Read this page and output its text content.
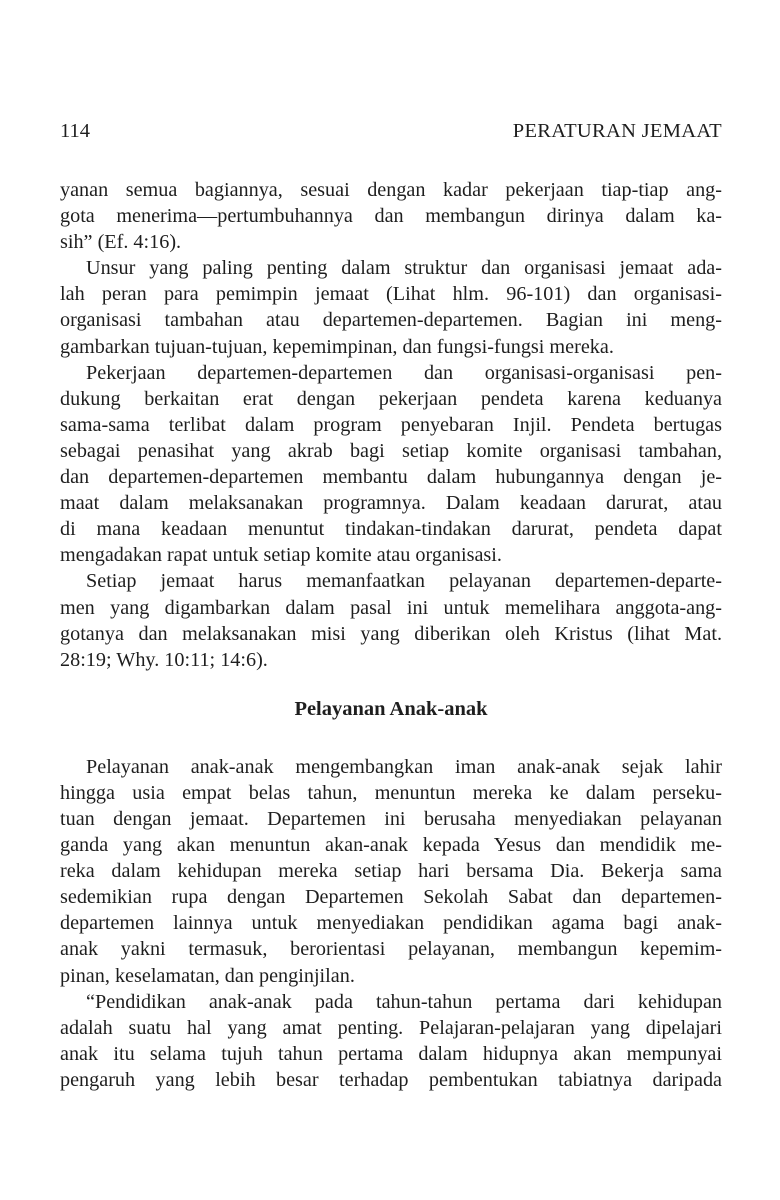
114	PERATURAN JEMAAT
yanan semua bagiannya, sesuai dengan kadar pekerjaan tiap-tiap ang-
gota menerima—pertumbuhannya dan membangun dirinya dalam ka-
sih” (Ef. 4:16).
Unsur yang paling penting dalam struktur dan organisasi jemaat ada-
lah peran para pemimpin jemaat (Lihat hlm. 96-101) dan organisasi-
organisasi tambahan atau departemen-departemen. Bagian ini meng-
gambarkan tujuan-tujuan, kepemimpinan, dan fungsi-fungsi mereka.
Pekerjaan departemen-departemen dan organisasi-organisasi pen-
dukung berkaitan erat dengan pekerjaan pendeta karena keduanya
sama-sama terlibat dalam program penyebaran Injil. Pendeta bertugas
sebagai penasihat yang akrab bagi setiap komite organisasi tambahan,
dan departemen-departemen membantu dalam hubungannya dengan je-
maat dalam melaksanakan programnya. Dalam keadaan darurat, atau
di mana keadaan menuntut tindakan-tindakan darurat, pendeta dapat
mengadakan rapat untuk setiap komite atau organisasi.
Setiap jemaat harus memanfaatkan pelayanan departemen-departe-
men yang digambarkan dalam pasal ini untuk memelihara anggota-ang-
gotanya dan melaksanakan misi yang diberikan oleh Kristus (lihat Mat.
28:19; Why. 10:11; 14:6).
Pelayanan Anak-anak
Pelayanan anak-anak mengembangkan iman anak-anak sejak lahir
hingga usia empat belas tahun, menuntun mereka ke dalam perseku-
tuan dengan jemaat. Departemen ini berusaha menyediakan pelayanan
ganda yang akan menuntun akan-anak kepada Yesus dan mendidik me-
reka dalam kehidupan mereka setiap hari bersama Dia. Bekerja sama
sedemikian rupa dengan Departemen Sekolah Sabat dan departemen-
departemen lainnya untuk menyediakan pendidikan agama bagi anak-
anak yakni termasuk, berorientasi pelayanan, membangun kepemim-
pinan, keselamatan, dan penginjilan.
“Pendidikan anak-anak pada tahun-tahun pertama dari kehidupan
adalah suatu hal yang amat penting. Pelajaran-pelajaran yang dipelajari
anak itu selama tujuh tahun pertama dalam hidupnya akan mempunyai
pengaruh yang lebih besar terhadap pembentukan tabiatnya daripada
